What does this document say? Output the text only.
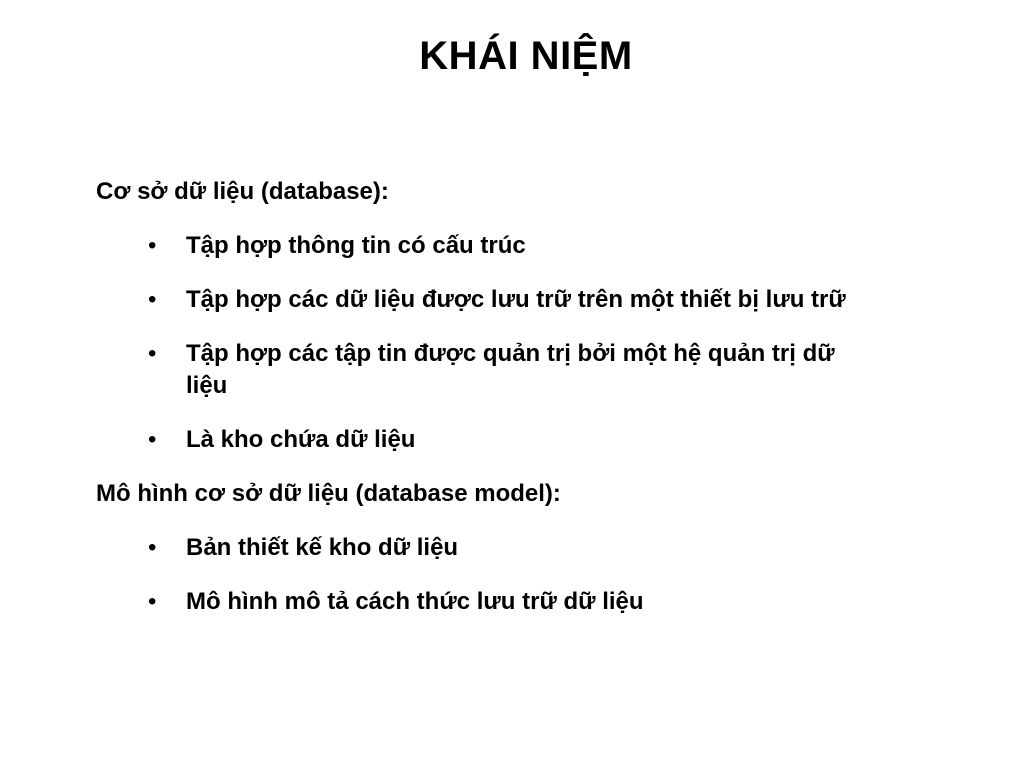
KHÁI NIỆM
Cơ sở dữ liệu (database):
• Tập hợp thông tin có cấu trúc
• Tập hợp các dữ liệu được lưu trữ trên một thiết bị lưu trữ
• Tập hợp các tập tin được quản trị bởi một hệ quản trị dữ liệu
• Là kho chứa dữ liệu
Mô hình cơ sở dữ liệu (database model):
• Bản thiết kế kho dữ liệu
• Mô hình mô tả cách thức lưu trữ dữ liệu
